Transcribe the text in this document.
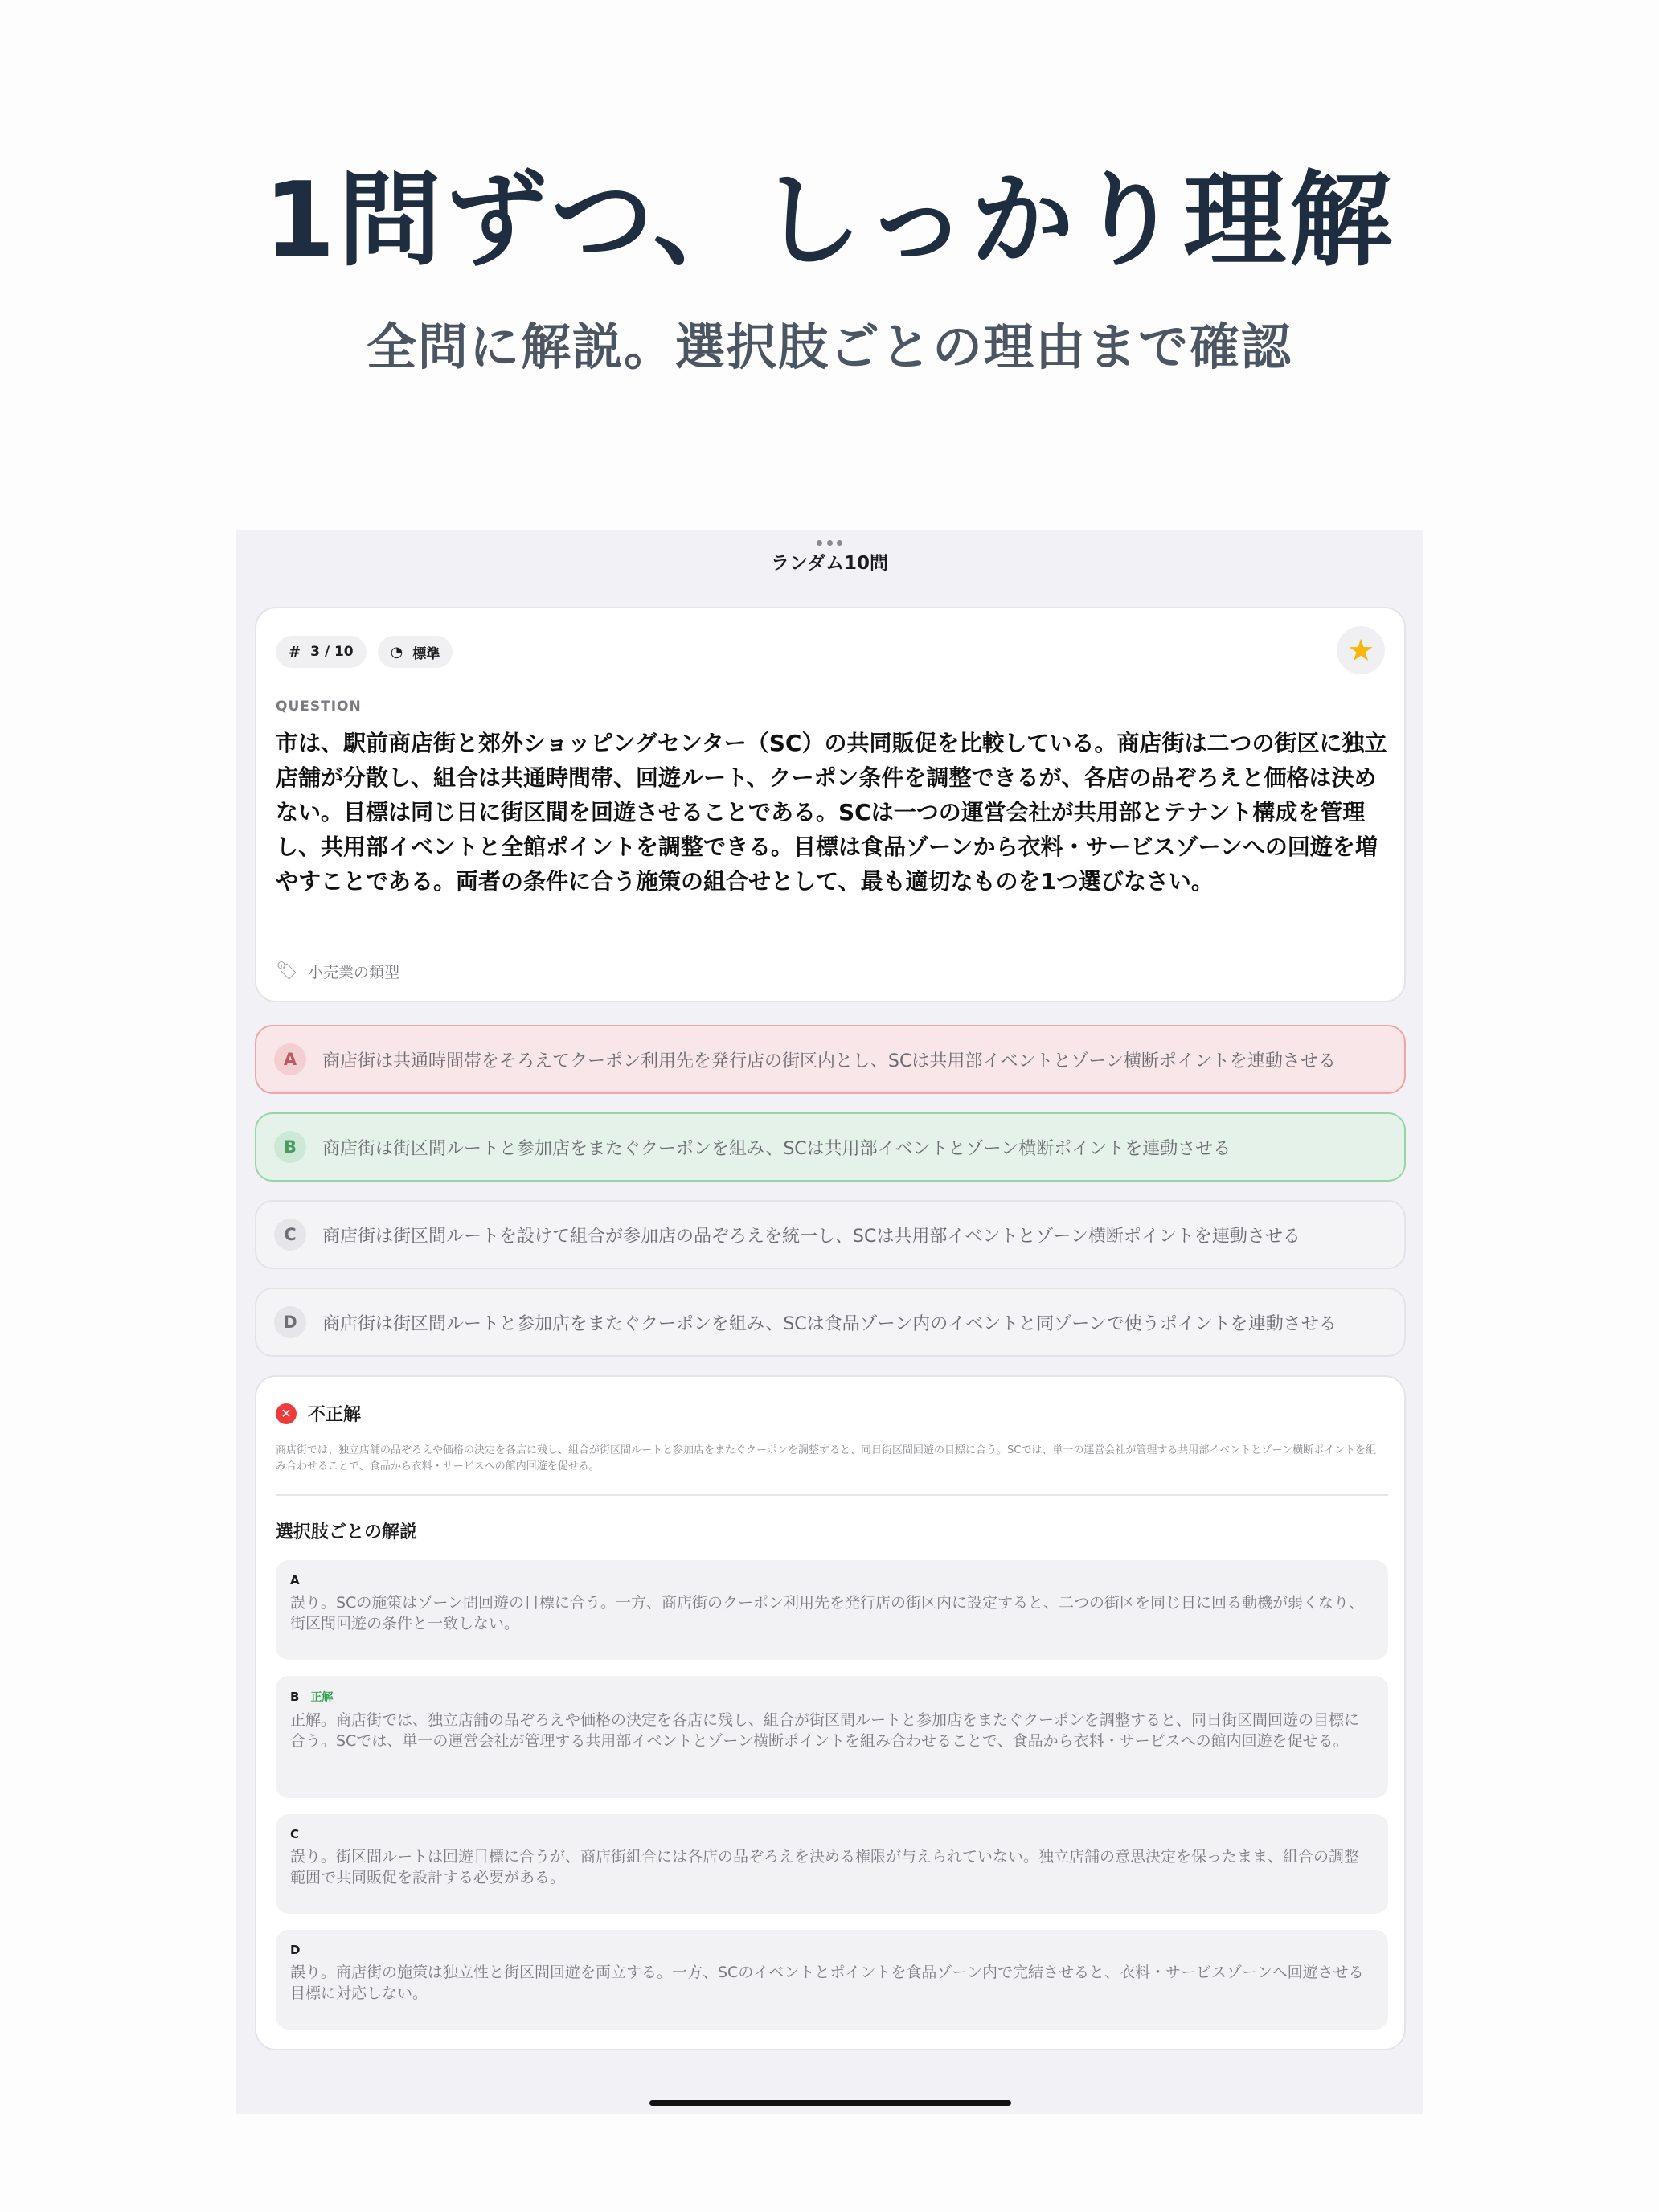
1問ずつ、しっかり理解
全問に解説。選択肢ごとの理由まで確認
ランダム10問
# 3 / 10	◔ 標準	★
QUESTION
市は、駅前商店街と郊外ショッピングセンター（SC）の共同販促を比較している。商店街は二つの街区に独立店舗が分散し、組合は共通時間帯、回遊ルート、クーポン条件を調整できるが、各店の品ぞろえと価格は決めない。目標は同じ日に街区間を回遊させることである。SCは一つの運営会社が共用部とテナント構成を管理し、共用部イベントと全館ポイントを調整できる。目標は食品ゾーンから衣料・サービスゾーンへの回遊を増やすことである。両者の条件に合う施策の組合せとして、最も適切なものを1つ選びなさい。
🏷 小売業の類型
A	商店街は共通時間帯をそろえてクーポン利用先を発行店の街区内とし、SCは共用部イベントとゾーン横断ポイントを連動させる
B	商店街は街区間ルートと参加店をまたぐクーポンを組み、SCは共用部イベントとゾーン横断ポイントを連動させる
C	商店街は街区間ルートを設けて組合が参加店の品ぞろえを統一し、SCは共用部イベントとゾーン横断ポイントを連動させる
D	商店街は街区間ルートと参加店をまたぐクーポンを組み、SCは食品ゾーン内のイベントと同ゾーンで使うポイントを連動させる
✕ 不正解
商店街では、独立店舗の品ぞろえや価格の決定を各店に残し、組合が街区間ルートと参加店をまたぐクーポンを調整すると、同日街区間回遊の目標に合う。SCでは、単一の運営会社が管理する共用部イベントとゾーン横断ポイントを組み合わせることで、食品から衣料・サービスへの館内回遊を促せる。
選択肢ごとの解説
A
誤り。SCの施策はゾーン間回遊の目標に合う。一方、商店街のクーポン利用先を発行店の街区内に設定すると、二つの街区を同じ日に回る動機が弱くなり、街区間回遊の条件と一致しない。
B 正解
正解。商店街では、独立店舗の品ぞろえや価格の決定を各店に残し、組合が街区間ルートと参加店をまたぐクーポンを調整すると、同日街区間回遊の目標に合う。SCでは、単一の運営会社が管理する共用部イベントとゾーン横断ポイントを組み合わせることで、食品から衣料・サービスへの館内回遊を促せる。
C
誤り。街区間ルートは回遊目標に合うが、商店街組合には各店の品ぞろえを決める権限が与えられていない。独立店舗の意思決定を保ったまま、組合の調整範囲で共同販促を設計する必要がある。
D
誤り。商店街の施策は独立性と街区間回遊を両立する。一方、SCのイベントとポイントを食品ゾーン内で完結させると、衣料・サービスゾーンへ回遊させる目標に対応しない。
